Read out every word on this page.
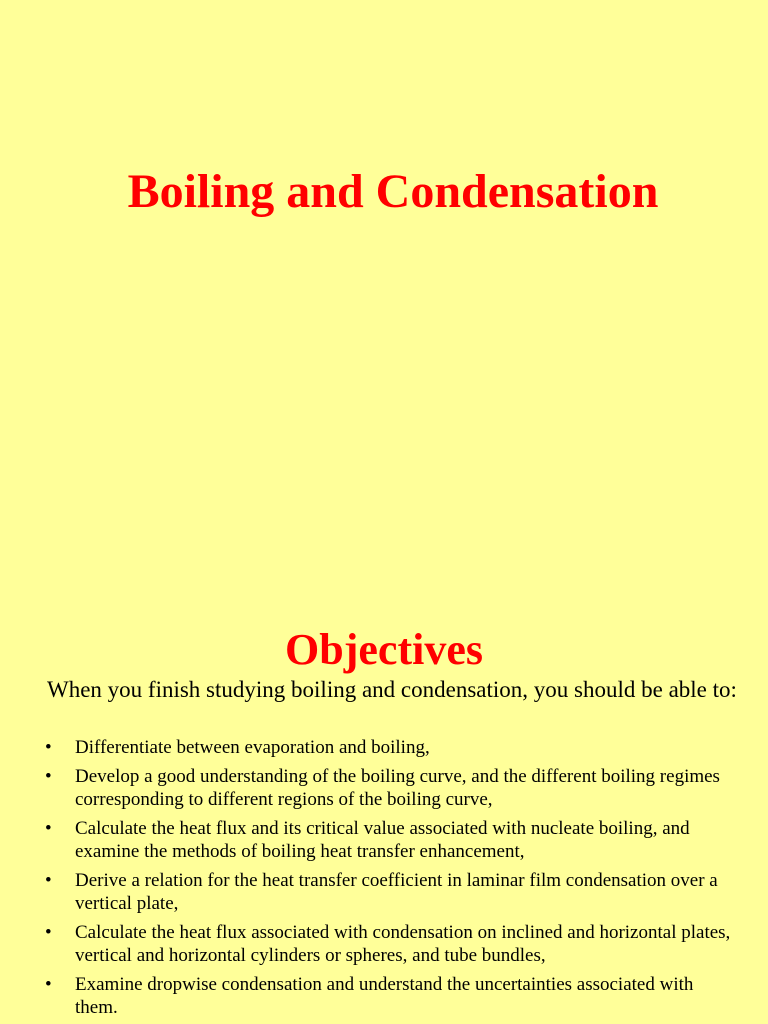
Boiling and Condensation
Objectives

When you finish studying boiling and condensation, you should be able to:

• Differentiate between evaporation and boiling,
• Develop a good understanding of the boiling curve, and the different boiling regimes corresponding to different regions of the boiling curve,
• Calculate the heat flux and its critical value associated with nucleate boiling, and examine the methods of boiling heat transfer enhancement,
• Derive a relation for the heat transfer coefficient in laminar film condensation over a vertical plate,
• Calculate the heat flux associated with condensation on inclined and horizontal plates, vertical and horizontal cylinders or spheres, and tube bundles,
• Examine dropwise condensation and understand the uncertainties associated with them.
